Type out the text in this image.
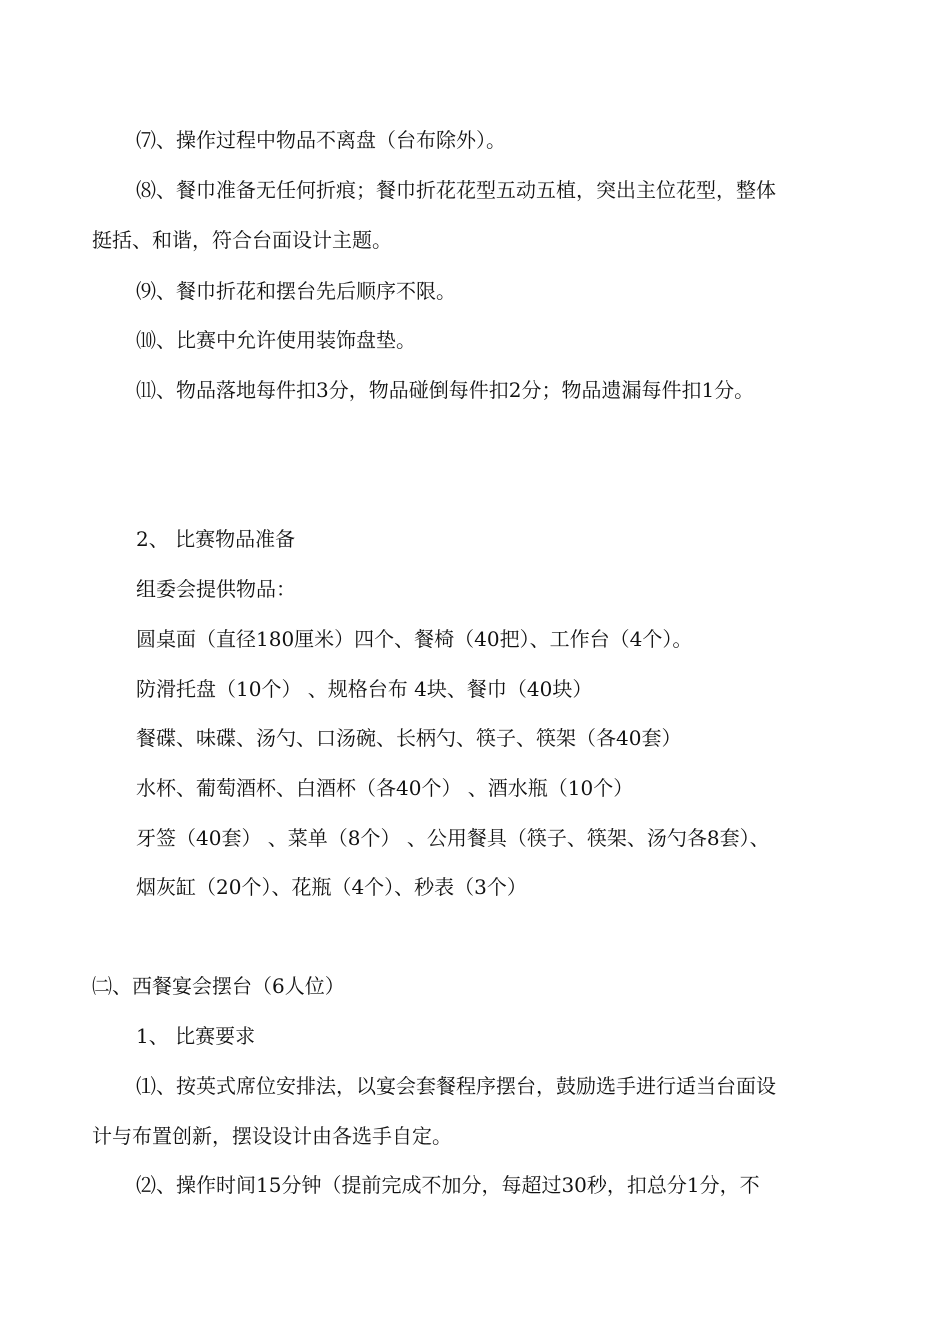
⑺、操作过程中物品不离盘（台布除外）。

⑻、餐巾准备无任何折痕；餐巾折花花型五动五植，突出主位花型，整体

挺括、和谐，符合台面设计主题。

⑼、餐巾折花和摆台先后顺序不限。

⑽、比赛中允许使用装饰盘垫。

⑾、物品落地每件扣3分，物品碰倒每件扣2分；物品遗漏每件扣1分。

2、 比赛物品准备

组委会提供物品：

圆桌面（直径180厘米）四个、餐椅（40把）、工作台（4个）。

防滑托盘（10个） 、规格台布 4块、餐巾（40块）

餐碟、味碟、汤勺、口汤碗、长柄勺、筷子、筷架（各40套）

水杯、葡萄酒杯、白酒杯（各40个） 、酒水瓶（10个）

牙签（40套） 、菜单（8个） 、公用餐具（筷子、筷架、汤勺各8套）、

烟灰缸（20个）、花瓶（4个）、秒表（3个）

㈡、西餐宴会摆台（6人位）

1、 比赛要求

⑴、按英式席位安排法，以宴会套餐程序摆台，鼓励选手进行适当台面设

计与布置创新，摆设设计由各选手自定。

⑵、操作时间15分钟（提前完成不加分，每超过30秒，扣总分1分，不
